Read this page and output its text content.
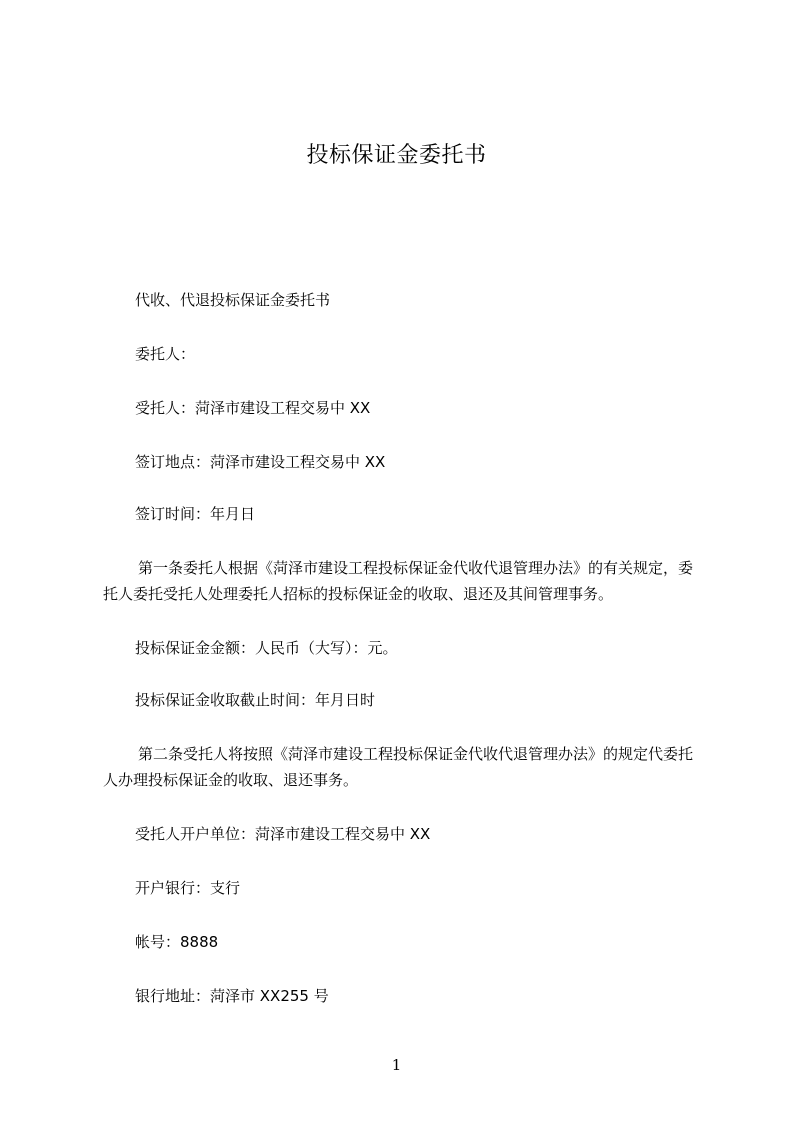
投标保证金委托书
代收、代退投标保证金委托书
委托人：
受托人：菏泽市建设工程交易中 XX
签订地点：菏泽市建设工程交易中 XX
签订时间：年月日
第一条委托人根据《菏泽市建设工程投标保证金代收代退管理办法》的有关规定，委托人委托受托人处理委托人招标的投标保证金的收取、退还及其间管理事务。
投标保证金金额：人民币（大写）：元。
投标保证金收取截止时间：年月日时
第二条受托人将按照《菏泽市建设工程投标保证金代收代退管理办法》的规定代委托人办理投标保证金的收取、退还事务。
受托人开户单位：菏泽市建设工程交易中 XX
开户银行：支行
帐号：8888
银行地址：菏泽市 XX255 号
1
